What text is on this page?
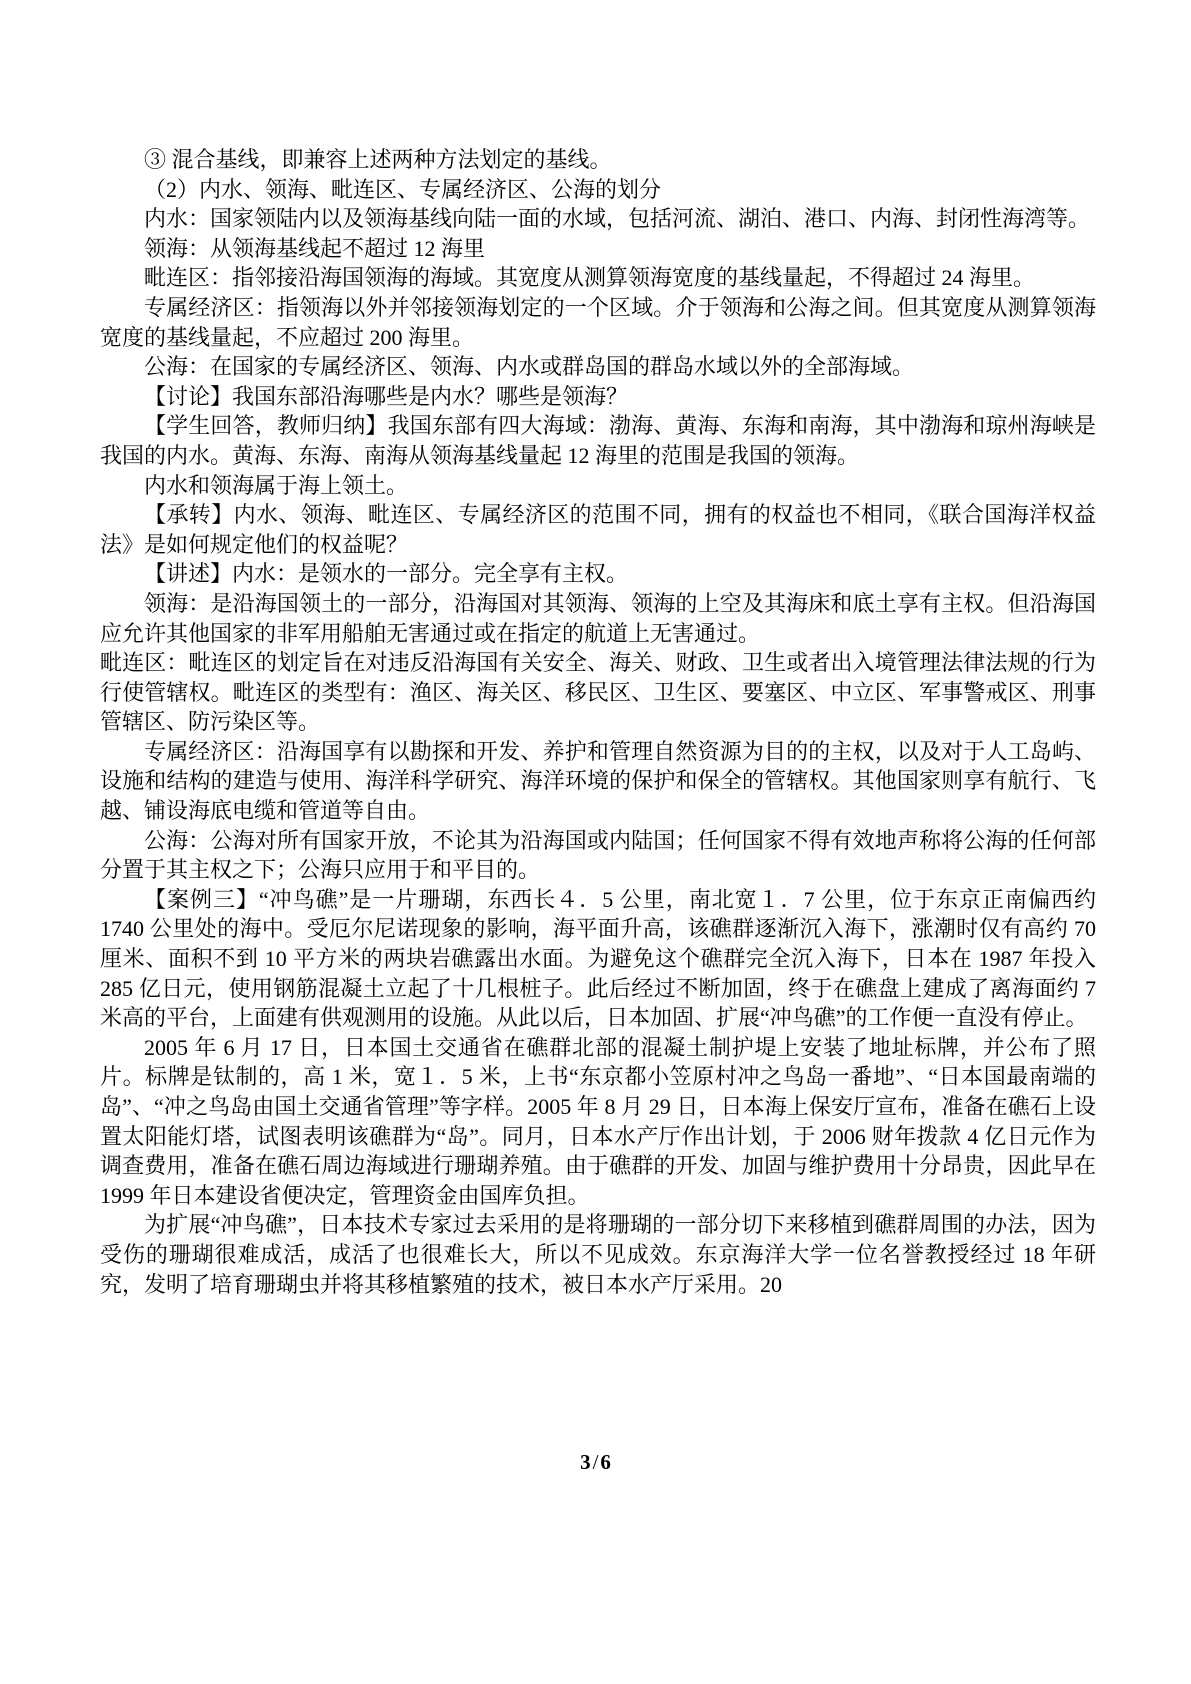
③ 混合基线，即兼容上述两种方法划定的基线。

（2）内水、领海、毗连区、专属经济区、公海的划分

内水：国家领陆内以及领海基线向陆一面的水域，包括河流、湖泊、港口、内海、封闭性海湾等。

领海：从领海基线起不超过 12 海里

毗连区：指邻接沿海国领海的海域。其宽度从测算领海宽度的基线量起，不得超过 24 海里。

专属经济区：指领海以外并邻接领海划定的一个区域。介于领海和公海之间。但其宽度从测算领海宽度的基线量起，不应超过 200 海里。

公海：在国家的专属经济区、领海、内水或群岛国的群岛水域以外的全部海域。

【讨论】我国东部沿海哪些是内水？哪些是领海？

【学生回答，教师归纳】我国东部有四大海域：渤海、黄海、东海和南海，其中渤海和琼州海峡是我国的内水。黄海、东海、南海从领海基线量起 12 海里的范围是我国的领海。

内水和领海属于海上领土。

【承转】内水、领海、毗连区、专属经济区的范围不同，拥有的权益也不相同，《联合国海洋权益法》是如何规定他们的权益呢？

【讲述】内水：是领水的一部分。完全享有主权。

领海：是沿海国领土的一部分，沿海国对其领海、领海的上空及其海床和底土享有主权。但沿海国应允许其他国家的非军用船舶无害通过或在指定的航道上无害通过。

毗连区：毗连区的划定旨在对违反沿海国有关安全、海关、财政、卫生或者出入境管理法律法规的行为行使管辖权。毗连区的类型有：渔区、海关区、移民区、卫生区、要塞区、中立区、军事警戒区、刑事管辖区、防污染区等。

专属经济区：沿海国享有以勘探和开发、养护和管理自然资源为目的的主权，以及对于人工岛屿、设施和结构的建造与使用、海洋科学研究、海洋环境的保护和保全的管辖权。其他国家则享有航行、飞越、铺设海底电缆和管道等自由。

公海：公海对所有国家开放，不论其为沿海国或内陆国；任何国家不得有效地声称将公海的任何部分置于其主权之下；公海只应用于和平目的。

【案例三】“冲鸟礁”是一片珊瑚，东西长４．5 公里，南北宽１．7 公里，位于东京正南偏西约 1740 公里处的海中。受厄尔尼诺现象的影响，海平面升高，该礁群逐渐沉入海下，涨潮时仅有高约 70 厘米、面积不到 10 平方米的两块岩礁露出水面。为避免这个礁群完全沉入海下，日本在 1987 年投入 285 亿日元，使用钢筋混凝土立起了十几根桩子。此后经过不断加固，终于在礁盘上建成了离海面约 7 米高的平台，上面建有供观测用的设施。从此以后，日本加固、扩展“冲鸟礁”的工作便一直没有停止。

2005 年 6 月 17 日，日本国土交通省在礁群北部的混凝土制护堤上安装了地址标牌，并公布了照片。标牌是钛制的，高 1 米，宽１．5 米，上书“东京都小笠原村冲之鸟岛一番地”、“日本国最南端的岛”、“冲之鸟岛由国土交通省管理”等字样。2005 年 8 月 29 日，日本海上保安厅宣布，准备在礁石上设置太阳能灯塔，试图表明该礁群为“岛”。同月，日本水产厅作出计划，于 2006 财年拨款 4 亿日元作为调查费用，准备在礁石周边海域进行珊瑚养殖。由于礁群的开发、加固与维护费用十分昂贵，因此早在 1999 年日本建设省便决定，管理资金由国库负担。

为扩展“冲鸟礁”，日本技术专家过去采用的是将珊瑚的一部分切下来移植到礁群周围的办法，因为受伤的珊瑚很难成活，成活了也很难长大，所以不见成效。东京海洋大学一位名誉教授经过 18 年研究，发明了培育珊瑚虫并将其移植繁殖的技术，被日本水产厅采用。20

3/6
